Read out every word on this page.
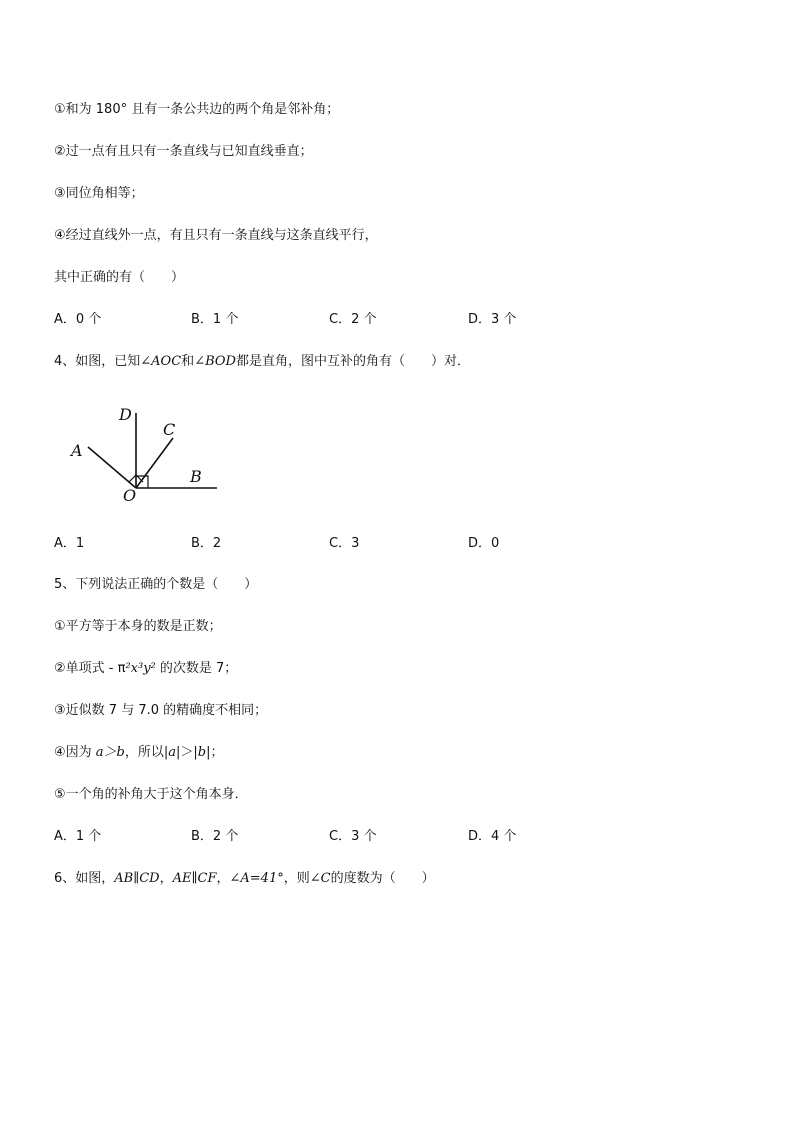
①和为 180° 且有一条公共边的两个角是邻补角；
②过一点有且只有一条直线与已知直线垂直；
③同位角相等；
④经过直线外一点，有且只有一条直线与这条直线平行，
其中正确的有（　　）
A．0 个	B．1 个	C．2 个	D．3 个
4、如图，已知∠AOC和∠BOD都是直角，图中互补的角有（　　）对．
D
C
A
O
B
A．1	B．2	C．3	D．0
5、下列说法正确的个数是（　　）
①平方等于本身的数是正数；
②单项式 - π²x³y² 的次数是 7；
③近似数 7 与 7.0 的精确度不相同；
④因为 a＞b，所以|a|＞|b|；
⑤一个角的补角大于这个角本身．
A．1 个	B．2 个	C．3 个	D．4 个
6、如图，AB∥CD，AE∥CF，∠A=41°，则∠C的度数为（　　）
